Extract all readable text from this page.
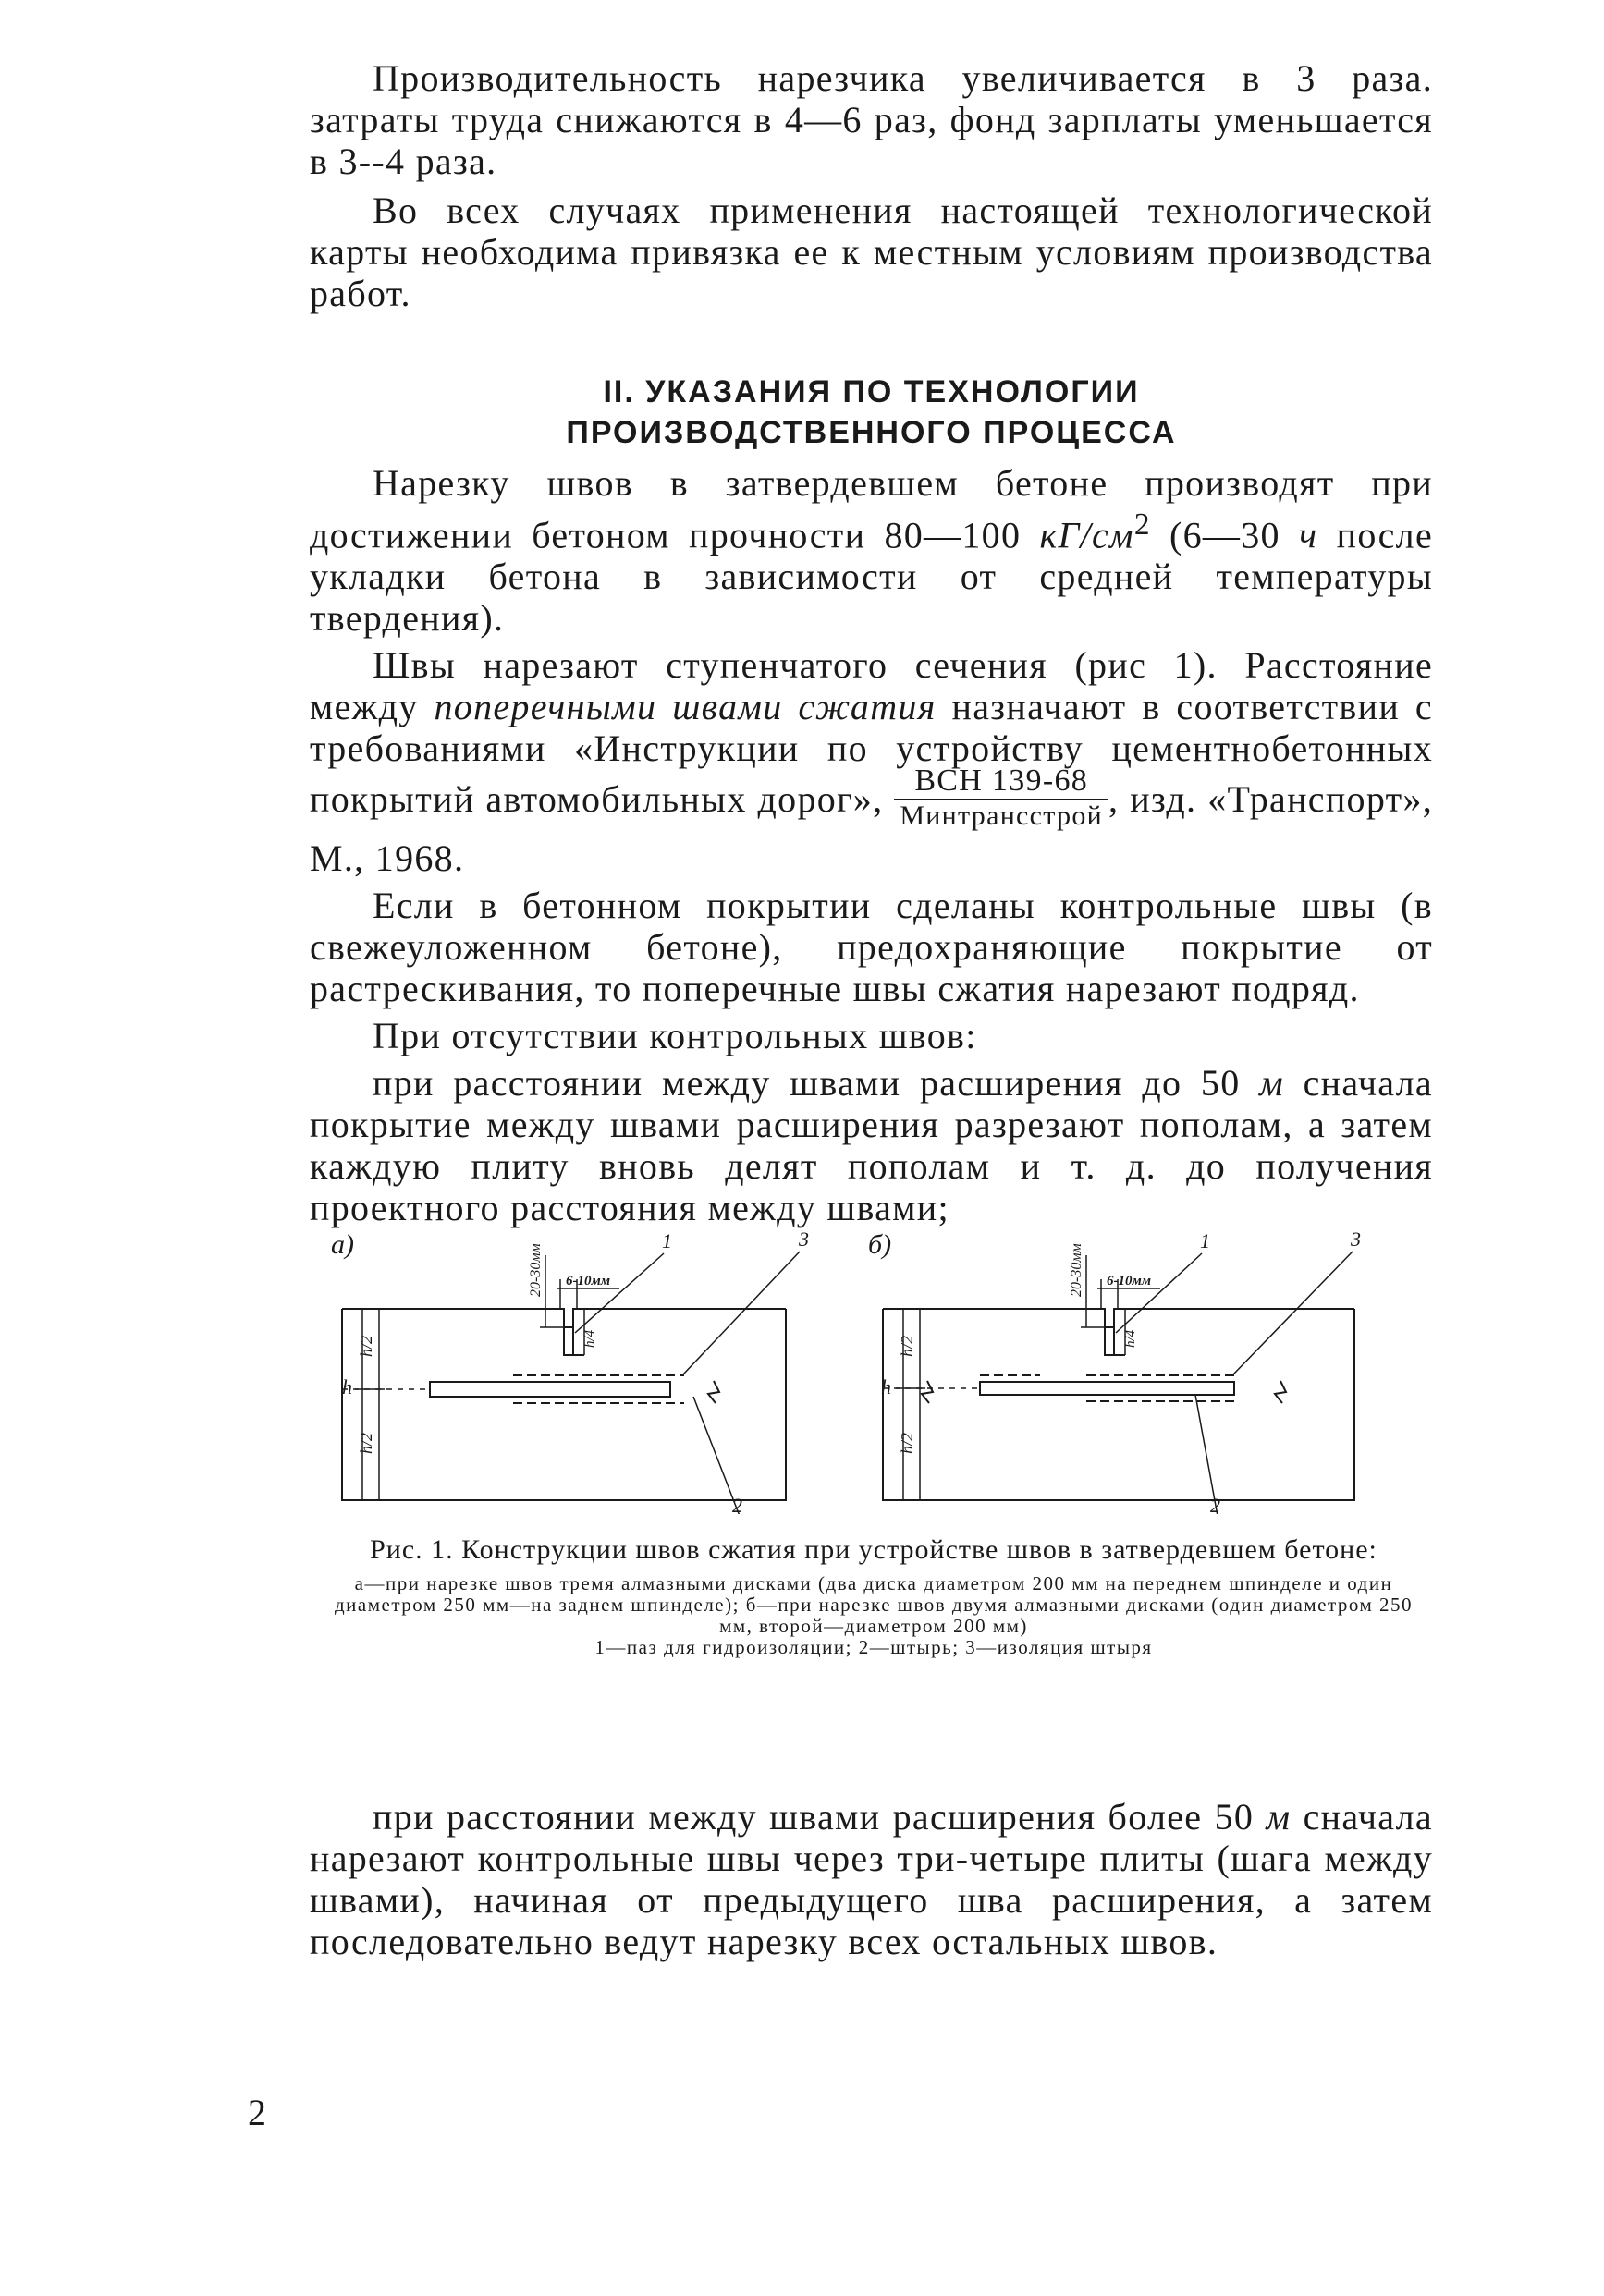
Производительность нарезчика увеличивается в 3 раза. затраты труда снижаются в 4—6 раз, фонд зарплаты уменьшается в 3--4 раза.

Во всех случаях применения настоящей технологической карты необходима привязка ее к местным условиям производства работ.

II. УКАЗАНИЯ ПО ТЕХНОЛОГИИ
ПРОИЗВОДСТВЕННОГО ПРОЦЕССА

Нарезку швов в затвердевшем бетоне производят при достижении бетоном прочности 80—100 $кГ/см^2$ (6—30 ч после укладки бетона в зависимости от средней температуры твердения).

Швы нарезают ступенчатого сечения (рис 1). Расстояние между поперечными швами сжатия назначают в соответствии с требованиями «Инструкции по устройству цементнобетонных покрытий автомобильных дорог», $\frac{\text{ВСН 139-68}}{\text{Минтрансстрой}}$ , изд. «Транспорт», М., 1968.

Если в бетонном покрытии сделаны контрольные швы (в свежеуложенном бетоне), предохраняющие покрытие от растрескивания, то поперечные швы сжатия нарезают подряд.

При отсутствии контрольных швов:

при расстоянии между швами расширения до 50 м сначала покрытие между швами расширения разрезают пополам, а затем каждую плиту вновь делят пополам и т. д. до получения проектного расстояния между швами;

а)
h
h/2
h/2
20-30мм 6-10мм
h/4
1	3
2
б)
h
h/2
h/2
20-30мм 6-10мм
h/4
1	3
2

Рис. 1. Конструкции швов сжатия при устройстве швов в затвердевшем бетоне:

а—при нарезке швов тремя алмазными дисками (два диска диаметром 200 мм на переднем шпинделе и один диаметром 250 мм—на заднем шпинделе); б—при нарезке швов двумя алмазными дисками (один диаметром 250 мм, второй—диаметром 200 мм)

1—паз для гидроизоляции; 2—штырь; 3—изоляция штыря

при расстоянии между швами расширения более 50 м сначала нарезают контрольные швы через три-четыре плиты (шага между швами), начиная от предыдущего шва расширения, а затем последовательно ведут нарезку всех остальных швов.

2
